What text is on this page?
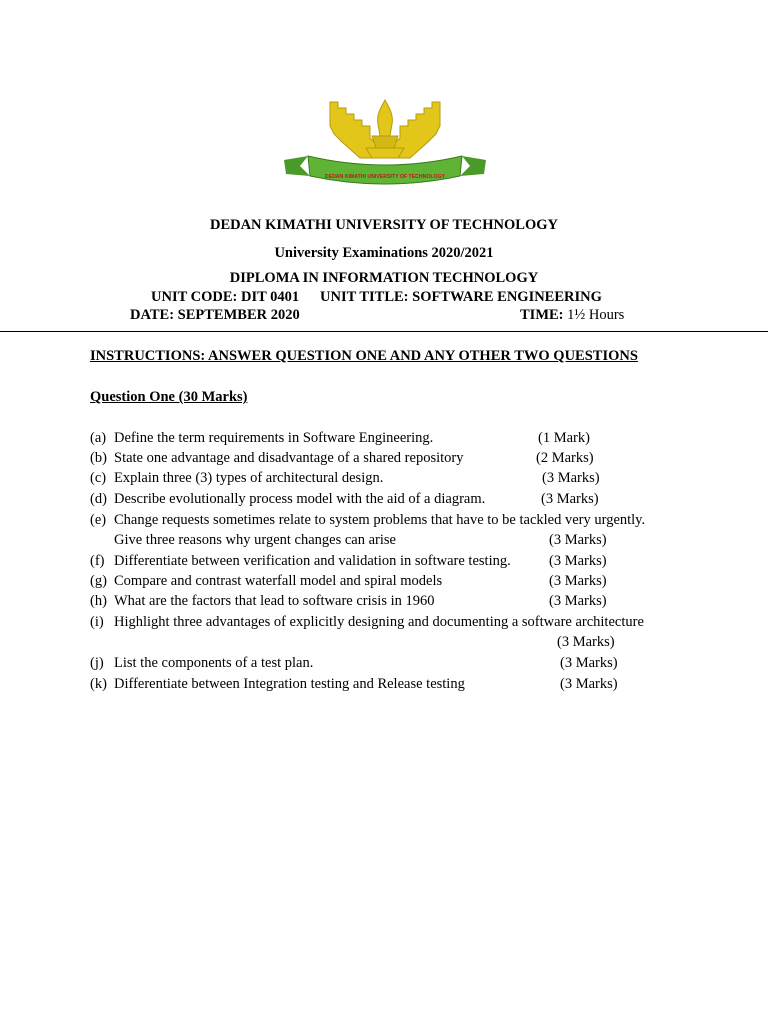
DEDAN KIMATHI UNIVERSITY OF TECHNOLOGY
DEDAN KIMATHI UNIVERSITY OF TECHNOLOGY
University Examinations 2020/2021
DIPLOMA IN INFORMATION TECHNOLOGY
UNIT CODE: DIT 0401 UNIT TITLE: SOFTWARE ENGINEERING
DATE: SEPTEMBER 2020	TIME: 1½ Hours
INSTRUCTIONS: ANSWER QUESTION ONE AND ANY OTHER TWO QUESTIONS
Question One (30 Marks)
(a) Define the term requirements in Software Engineering.	(1 Mark)
(b) State one advantage and disadvantage of a shared repository	(2 Marks)
(c) Explain three (3) types of architectural design.	(3 Marks)
(d) Describe evolutionally process model with the aid of a diagram.	(3 Marks)
(e) Change requests sometimes relate to system problems that have to be tackled very urgently.
Give three reasons why urgent changes can arise	(3 Marks)
(f) Differentiate between verification and validation in software testing.	(3 Marks)
(g) Compare and contrast waterfall model and spiral models	(3 Marks)
(h) What are the factors that lead to software crisis in 1960	(3 Marks)
(i) Highlight three advantages of explicitly designing and documenting a software architecture
(3 Marks)
(j) List the components of a test plan.	(3 Marks)
(k) Differentiate between Integration testing and Release testing	(3 Marks)
